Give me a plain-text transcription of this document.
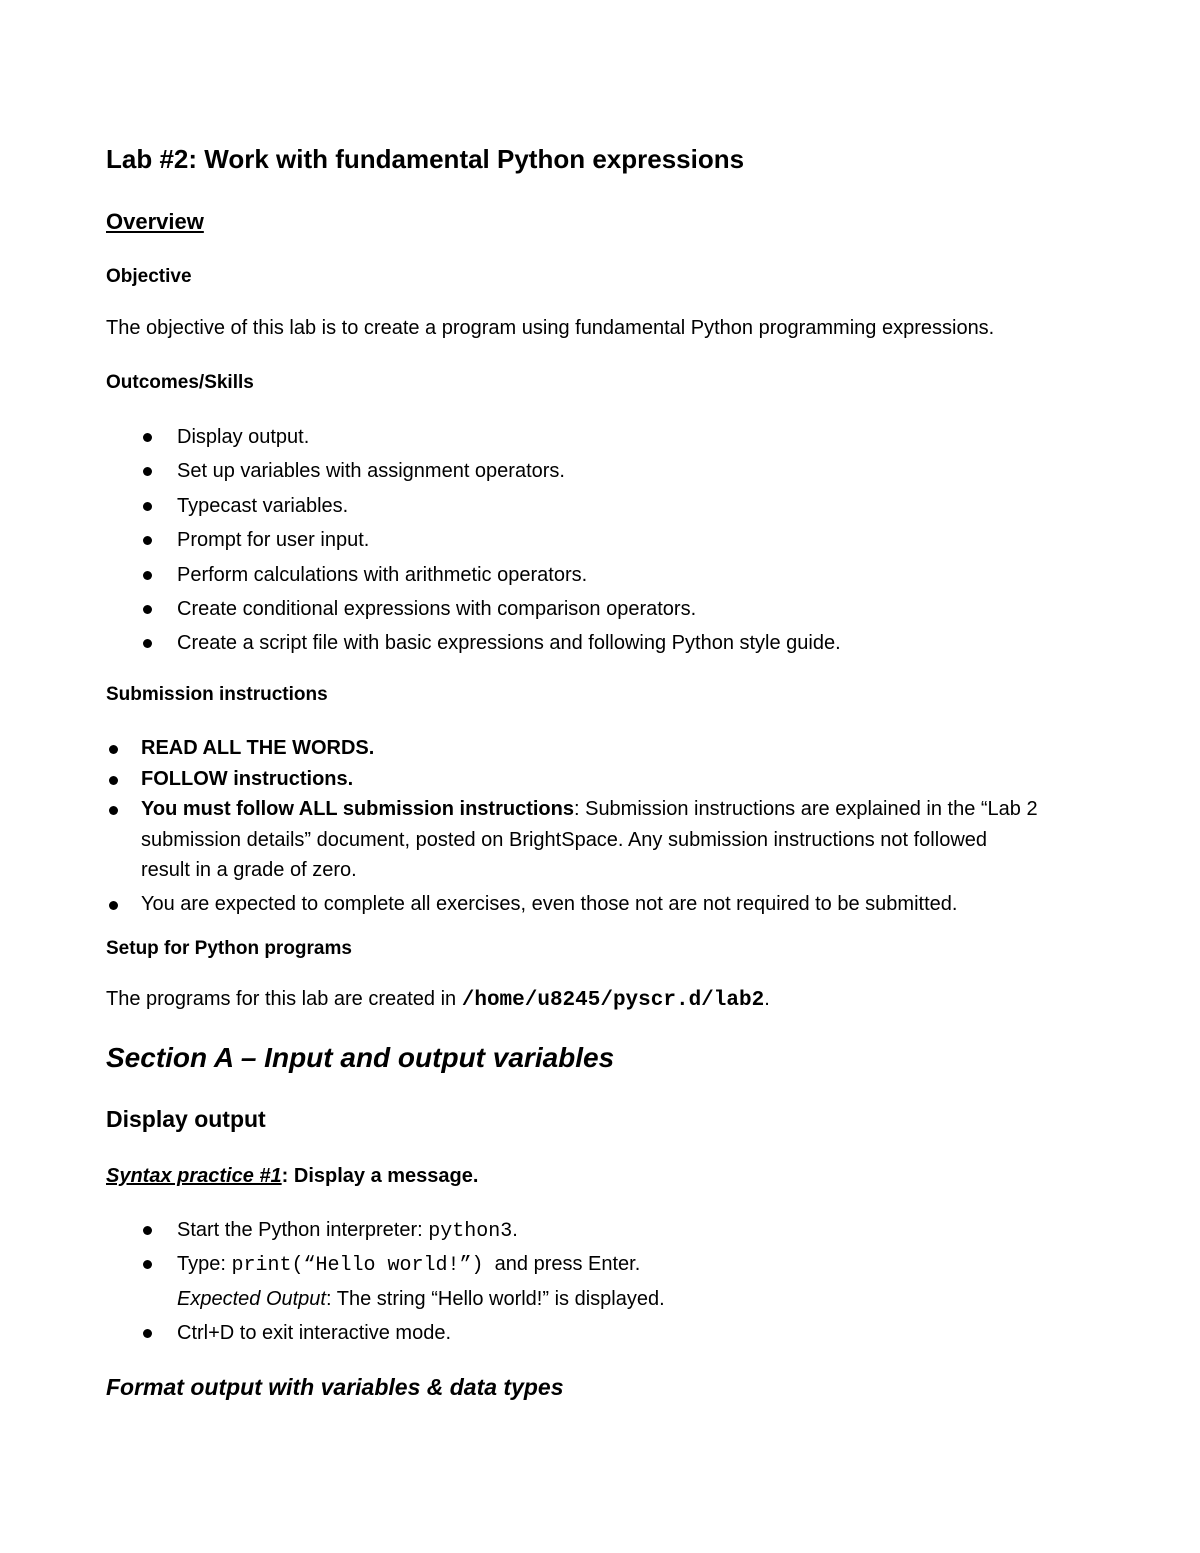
Lab #2: Work with fundamental Python expressions
Overview
Objective
The objective of this lab is to create a program using fundamental Python programming expressions.
Outcomes/Skills
Display output.
Set up variables with assignment operators.
Typecast variables.
Prompt for user input.
Perform calculations with arithmetic operators.
Create conditional expressions with comparison operators.
Create a script file with basic expressions and following Python style guide.
Submission instructions
READ ALL THE WORDS.
FOLLOW instructions.
You must follow ALL submission instructions: Submission instructions are explained in the “Lab 2
submission details” document, posted on BrightSpace. Any submission instructions not followed
result in a grade of zero.
You are expected to complete all exercises, even those not are not required to be submitted.
Setup for Python programs
The programs for this lab are created in /home/u8245/pyscr.d/lab2.
Section A – Input and output variables
Display output
Syntax practice #1: Display a message.
Start the Python interpreter: python3.
Type: print(“Hello world!”)  and press Enter.
Expected Output: The string “Hello world!” is displayed.
Ctrl+D to exit interactive mode.
Format output with variables & data types
